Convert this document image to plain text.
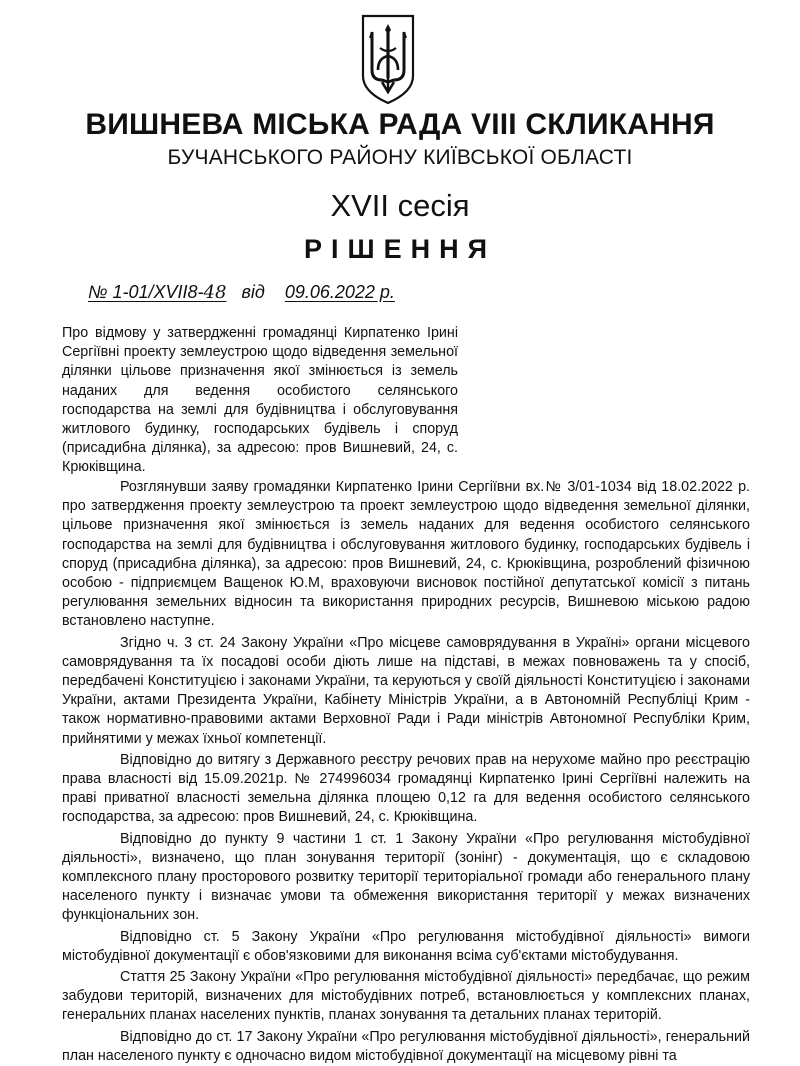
ВИШНЕВА МІСЬКА РАДА VIII СКЛИКАННЯ
БУЧАНСЬКОГО РАЙОНУ КИЇВСЬКОЇ ОБЛАСТІ
XVII сесія
РІШЕННЯ
№ 1-01/XVII8-48 від 09.06.2022 р.
Про відмову у затвердженні громадянці Кирпатенко Ірині Сергіївні проекту землеустрою щодо відведення земельної ділянки цільове призначення якої змінюється із земель наданих для ведення особистого селянського господарства на землі для будівництва і обслуговування житлового будинку, господарських будівель і споруд (присадибна ділянка), за адресою: пров Вишневий, 24, с. Крюківщина.

Розглянувши заяву громадянки Кирпатенко Ірини Сергіївни вх.№ 3/01-1034 від 18.02.2022 р. про затвердження проекту землеустрою та проект землеустрою щодо відведення земельної ділянки, цільове призначення якої змінюється із земель наданих для ведення особистого селянського господарства на землі для будівництва і обслуговування житлового будинку, господарських будівель і споруд (присадибна ділянка), за адресою: пров Вишневий, 24, с. Крюківщина, розроблений фізичною особою - підприємцем Ващенок Ю.М, враховуючи висновок постійної депутатської комісії з питань регулювання земельних відносин та використання природних ресурсів, Вишневою міською радою встановлено наступне.

Згідно ч. 3 ст. 24 Закону України «Про місцеве самоврядування в Україні» органи місцевого самоврядування та їх посадові особи діють лише на підставі, в межах повноважень та у спосіб, передбачені Конституцією і законами України, та керуються у своїй діяльності Конституцією і законами України, актами Президента України, Кабінету Міністрів України, а в Автономній Республіці Крим - також нормативно-правовими актами Верховної Ради і Ради міністрів Автономної Республіки Крим, прийнятими у межах їхньої компетенції.

Відповідно до витягу з Державного реєстру речових прав на нерухоме майно про реєстрацію права власності від 15.09.2021р. № 274996034 громадянці Кирпатенко Ірині Сергіївні належить на праві приватної власності земельна ділянка площею 0,12 га для ведення особистого селянського господарства, за адресою: пров Вишневий, 24, с. Крюківщина.

Відповідно до пункту 9 частини 1 ст. 1 Закону України «Про регулювання містобудівної діяльності», визначено, що план зонування території (зонінг) - документація, що є складовою комплексного плану просторового розвитку території територіальної громади або генерального плану населеного пункту і визначає умови та обмеження використання території у межах визначених функціональних зон.

Відповідно ст. 5 Закону України «Про регулювання містобудівної діяльності» вимоги містобудівної документації є обов'язковими для виконання всіма суб'єктами містобудування.

Стаття 25 Закону України «Про регулювання містобудівної діяльності» передбачає, що режим забудови територій, визначених для містобудівних потреб, встановлюється у комплексних планах, генеральних планах населених пунктів, планах зонування та детальних планах територій.

Відповідно до ст. 17 Закону України «Про регулювання містобудівної діяльності», генеральний план населеного пункту є одночасно видом містобудівної документації на місцевому рівні та
